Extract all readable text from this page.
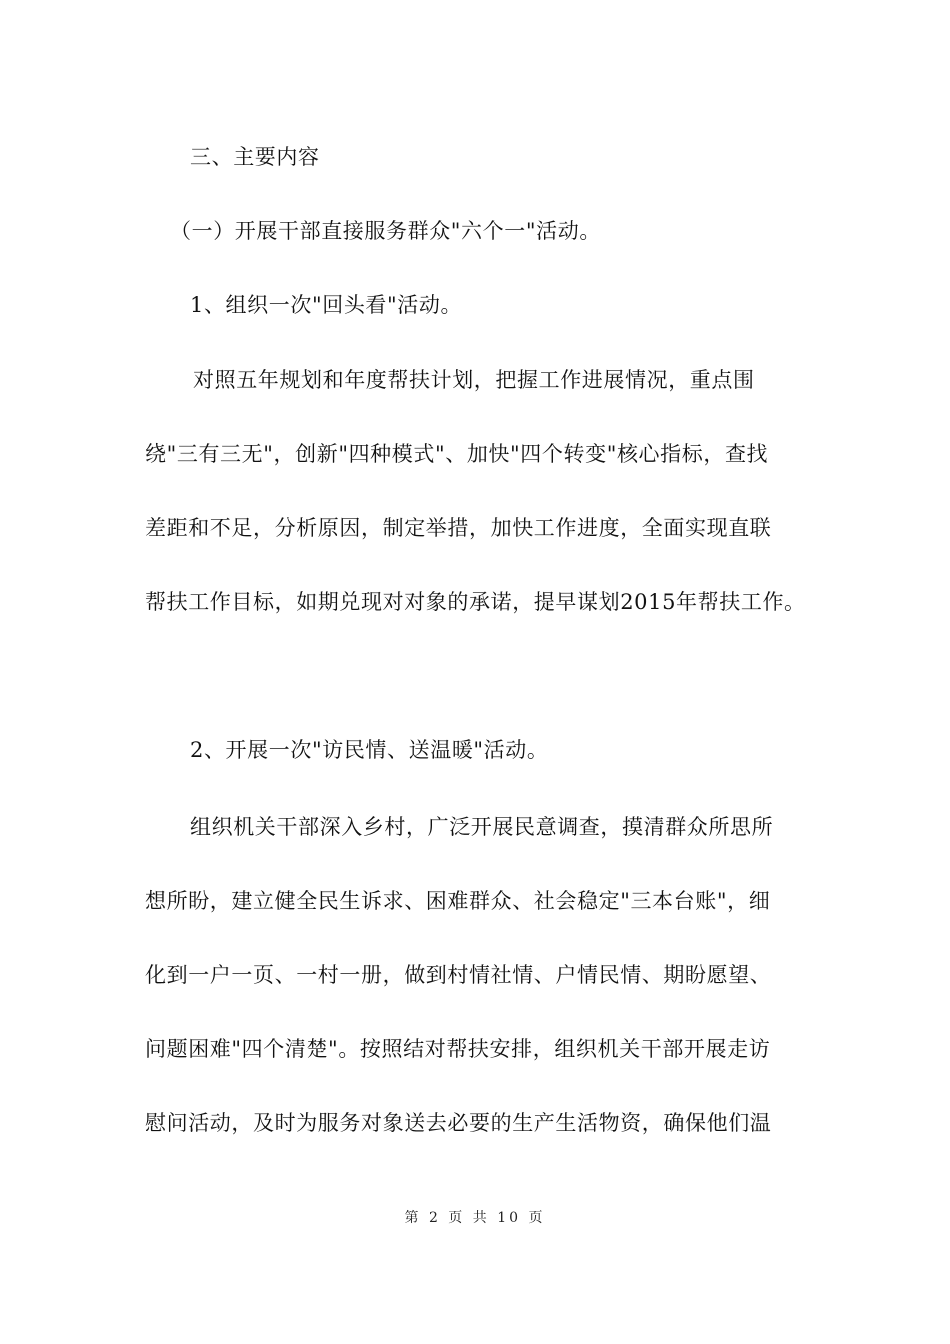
三、主要内容
（一）开展干部直接服务群众"六个一"活动。
1、组织一次"回头看"活动。
对照五年规划和年度帮扶计划，把握工作进展情况，重点围
绕"三有三无"，创新"四种模式"、加快"四个转变"核心指标，查找
差距和不足，分析原因，制定举措，加快工作进度，全面实现直联
帮扶工作目标，如期兑现对对象的承诺，提早谋划2015年帮扶工作。
2、开展一次"访民情、送温暖"活动。
组织机关干部深入乡村，广泛开展民意调查，摸清群众所思所
想所盼，建立健全民生诉求、困难群众、社会稳定"三本台账"，细
化到一户一页、一村一册，做到村情社情、户情民情、期盼愿望、
问题困难"四个清楚"。按照结对帮扶安排，组织机关干部开展走访
慰问活动，及时为服务对象送去必要的生产生活物资，确保他们温
第 2 页 共 10 页
